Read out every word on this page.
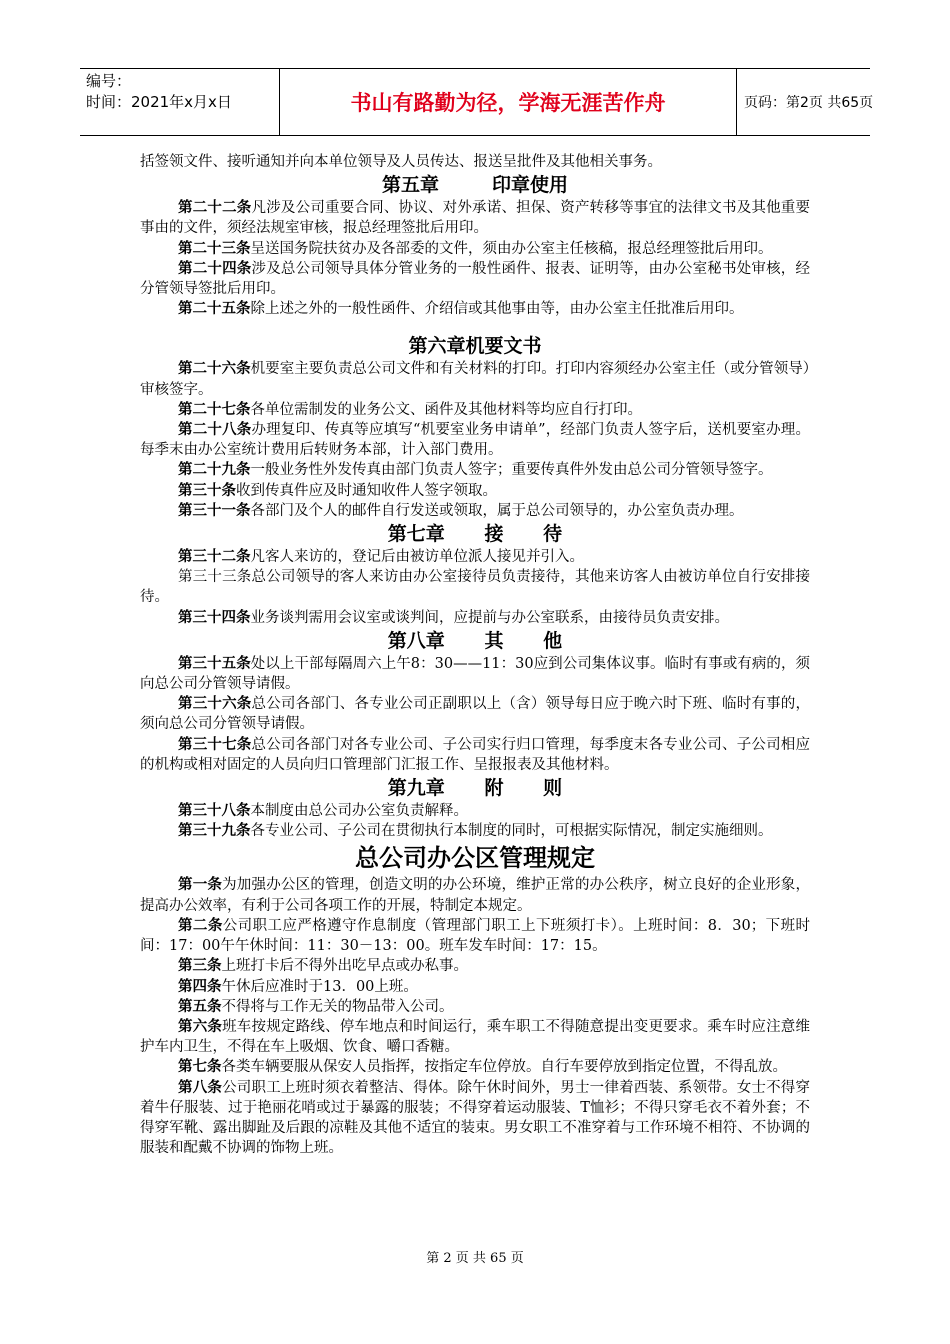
编号：
时间：2021年x月x日	书山有路勤为径，学海无涯苦作舟	页码：第2页 共65页

括签领文件、接听通知并向本单位领导及人员传达、报送呈批件及其他相关事务。

第五章        印章使用

第二十二条凡涉及公司重要合同、协议、对外承诺、担保、资产转移等事宜的法律文书及其他重要事由的文件，须经法规室审核，报总经理签批后用印。

第二十三条呈送国务院扶贫办及各部委的文件，须由办公室主任核稿，报总经理签批后用印。

第二十四条涉及总公司领导具体分管业务的一般性函件、报表、证明等，由办公室秘书处审核，经分管领导签批后用印。

第二十五条除上述之外的一般性函件、介绍信或其他事由等，由办公室主任批准后用印。

第六章机要文书

第二十六条机要室主要负责总公司文件和有关材料的打印。打印内容须经办公室主任（或分管领导）审核签字。

第二十七条各单位需制发的业务公文、函件及其他材料等均应自行打印。

第二十八条办理复印、传真等应填写“机要室业务申请单”，经部门负责人签字后，送机要室办理。每季末由办公室统计费用后转财务本部，计入部门费用。

第二十九条一般业务性外发传真由部门负责人签字；重要传真件外发由总公司分管领导签字。

第三十条收到传真件应及时通知收件人签字领取。

第三十一条各部门及个人的邮件自行发送或领取，属于总公司领导的，办公室负责办理。

第七章      接      待

第三十二条凡客人来访的，登记后由被访单位派人接见并引入。

第三十三条总公司领导的客人来访由办公室接待员负责接待，其他来访客人由被访单位自行安排接待。

第三十四条业务谈判需用会议室或谈判间，应提前与办公室联系，由接待员负责安排。

第八章      其      他

第三十五条处以上干部每隔周六上午8：30——11：30应到公司集体议事。临时有事或有病的，须向总公司分管领导请假。

第三十六条总公司各部门、各专业公司正副职以上（含）领导每日应于晚六时下班、临时有事的，须向总公司分管领导请假。

第三十七条总公司各部门对各专业公司、子公司实行归口管理，每季度末各专业公司、子公司相应的机构或相对固定的人员向归口管理部门汇报工作、呈报报表及其他材料。

第九章      附      则

第三十八条本制度由总公司办公室负责解释。

第三十九条各专业公司、子公司在贯彻执行本制度的同时，可根据实际情况，制定实施细则。

总公司办公区管理规定

第一条为加强办公区的管理，创造文明的办公环境，维护正常的办公秩序，树立良好的企业形象，提高办公效率，有利于公司各项工作的开展，特制定本规定。

第二条公司职工应严格遵守作息制度（管理部门职工上下班须打卡）。上班时间：8．30；下班时间：17：00午午休时间：11：30－13：00。班车发车时间：17：15。

第三条上班打卡后不得外出吃早点或办私事。

第四条午休后应准时于13．00上班。

第五条不得将与工作无关的物品带入公司。

第六条班车按规定路线、停车地点和时间运行，乘车职工不得随意提出变更要求。乘车时应注意维护车内卫生，不得在车上吸烟、饮食、嚼口香糖。

第七条各类车辆要服从保安人员指挥，按指定车位停放。自行车要停放到指定位置，不得乱放。

第八条公司职工上班时须衣着整洁、得体。除午休时间外，男士一律着西装、系领带。女士不得穿着牛仔服装、过于艳丽花哨或过于暴露的服装；不得穿着运动服装、T恤衫；不得只穿毛衣不着外套；不得穿军靴、露出脚趾及后跟的凉鞋及其他不适宜的装束。男女职工不准穿着与工作环境不相符、不协调的服装和配戴不协调的饰物上班。

第 2 页 共 65 页
